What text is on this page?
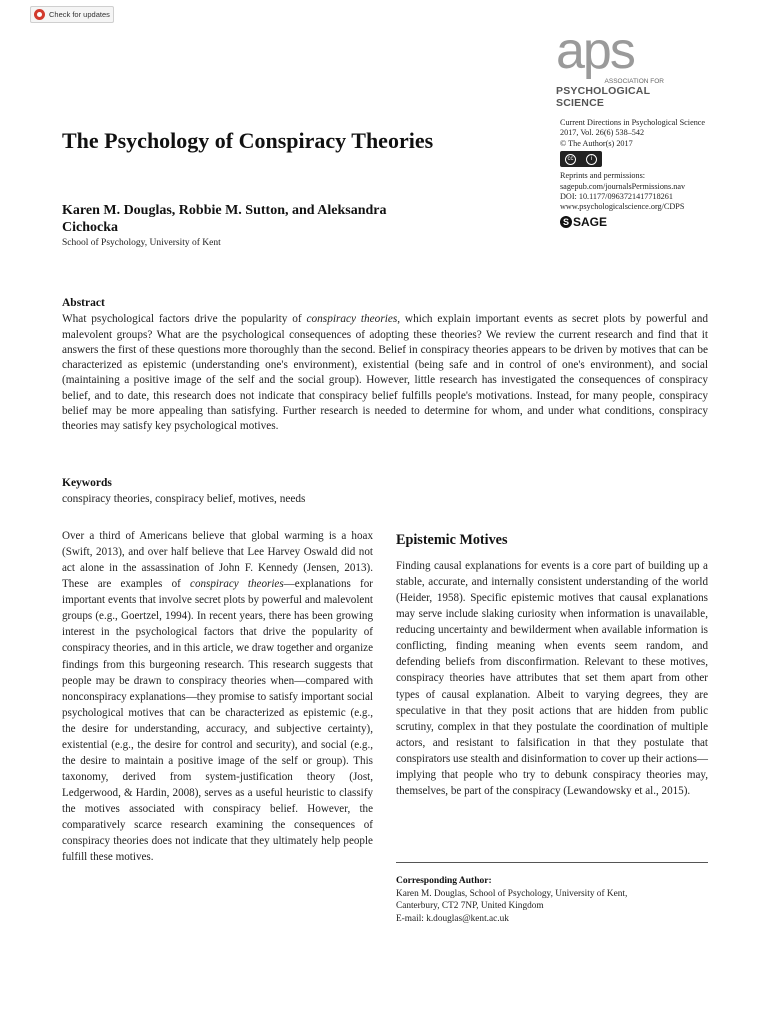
Check for updates
aps
ASSOCIATION FOR
PSYCHOLOGICAL SCIENCE
The Psychology of Conspiracy Theories
Karen M. Douglas, Robbie M. Sutton, and Aleksandra Cichocka
School of Psychology, University of Kent
Current Directions in Psychological Science
2017, Vol. 26(6) 538–542
© The Author(s) 2017
cc	i
Reprints and permissions:
sagepub.com/journalsPermissions.nav
DOI: 10.1177/0963721417718261
www.psychologicalscience.org/CDPS
S SAGE
Abstract
What psychological factors drive the popularity of conspiracy theories, which explain important events as secret plots by powerful and malevolent groups? What are the psychological consequences of adopting these theories? We review the current research and find that it answers the first of these questions more thoroughly than the second. Belief in conspiracy theories appears to be driven by motives that can be characterized as epistemic (understanding one's environment), existential (being safe and in control of one's environment), and social (maintaining a positive image of the self and the social group). However, little research has investigated the consequences of conspiracy belief, and to date, this research does not indicate that conspiracy belief fulfills people's motivations. Instead, for many people, conspiracy belief may be more appealing than satisfying. Further research is needed to determine for whom, and under what conditions, conspiracy theories may satisfy key psychological motives.
Keywords
conspiracy theories, conspiracy belief, motives, needs
Over a third of Americans believe that global warming is a hoax (Swift, 2013), and over half believe that Lee Harvey Oswald did not act alone in the assassination of John F. Kennedy (Jensen, 2013). These are examples of conspiracy theories—explanations for important events that involve secret plots by powerful and malevolent groups (e.g., Goertzel, 1994). In recent years, there has been growing interest in the psychological factors that drive the popularity of conspiracy theories, and in this article, we draw together and organize findings from this burgeoning research. This research suggests that people may be drawn to conspiracy theories when—compared with nonconspiracy explanations—they promise to satisfy important social psychological motives that can be characterized as epistemic (e.g., the desire for understanding, accuracy, and subjective certainty), existential (e.g., the desire for control and security), and social (e.g., the desire to maintain a positive image of the self or group). This taxonomy, derived from system-justification theory (Jost, Ledgerwood, & Hardin, 2008), serves as a useful heuristic to classify the motives associated with conspiracy belief. However, the comparatively scarce research examining the consequences of conspiracy theories does not indicate that they ultimately help people fulfill these motives.
Epistemic Motives
Finding causal explanations for events is a core part of building up a stable, accurate, and internally consistent understanding of the world (Heider, 1958). Specific epistemic motives that causal explanations may serve include slaking curiosity when information is unavailable, reducing uncertainty and bewilderment when available information is conflicting, finding meaning when events seem random, and defending beliefs from disconfirmation. Relevant to these motives, conspiracy theories have attributes that set them apart from other types of causal explanation. Albeit to varying degrees, they are speculative in that they posit actions that are hidden from public scrutiny, complex in that they postulate the coordination of multiple actors, and resistant to falsification in that they postulate that conspirators use stealth and disinformation to cover up their actions—implying that people who try to debunk conspiracy theories may, themselves, be part of the conspiracy (Lewandowsky et al., 2015).
Corresponding Author:
Karen M. Douglas, School of Psychology, University of Kent,
Canterbury, CT2 7NP, United Kingdom
E-mail: k.douglas@kent.ac.uk
